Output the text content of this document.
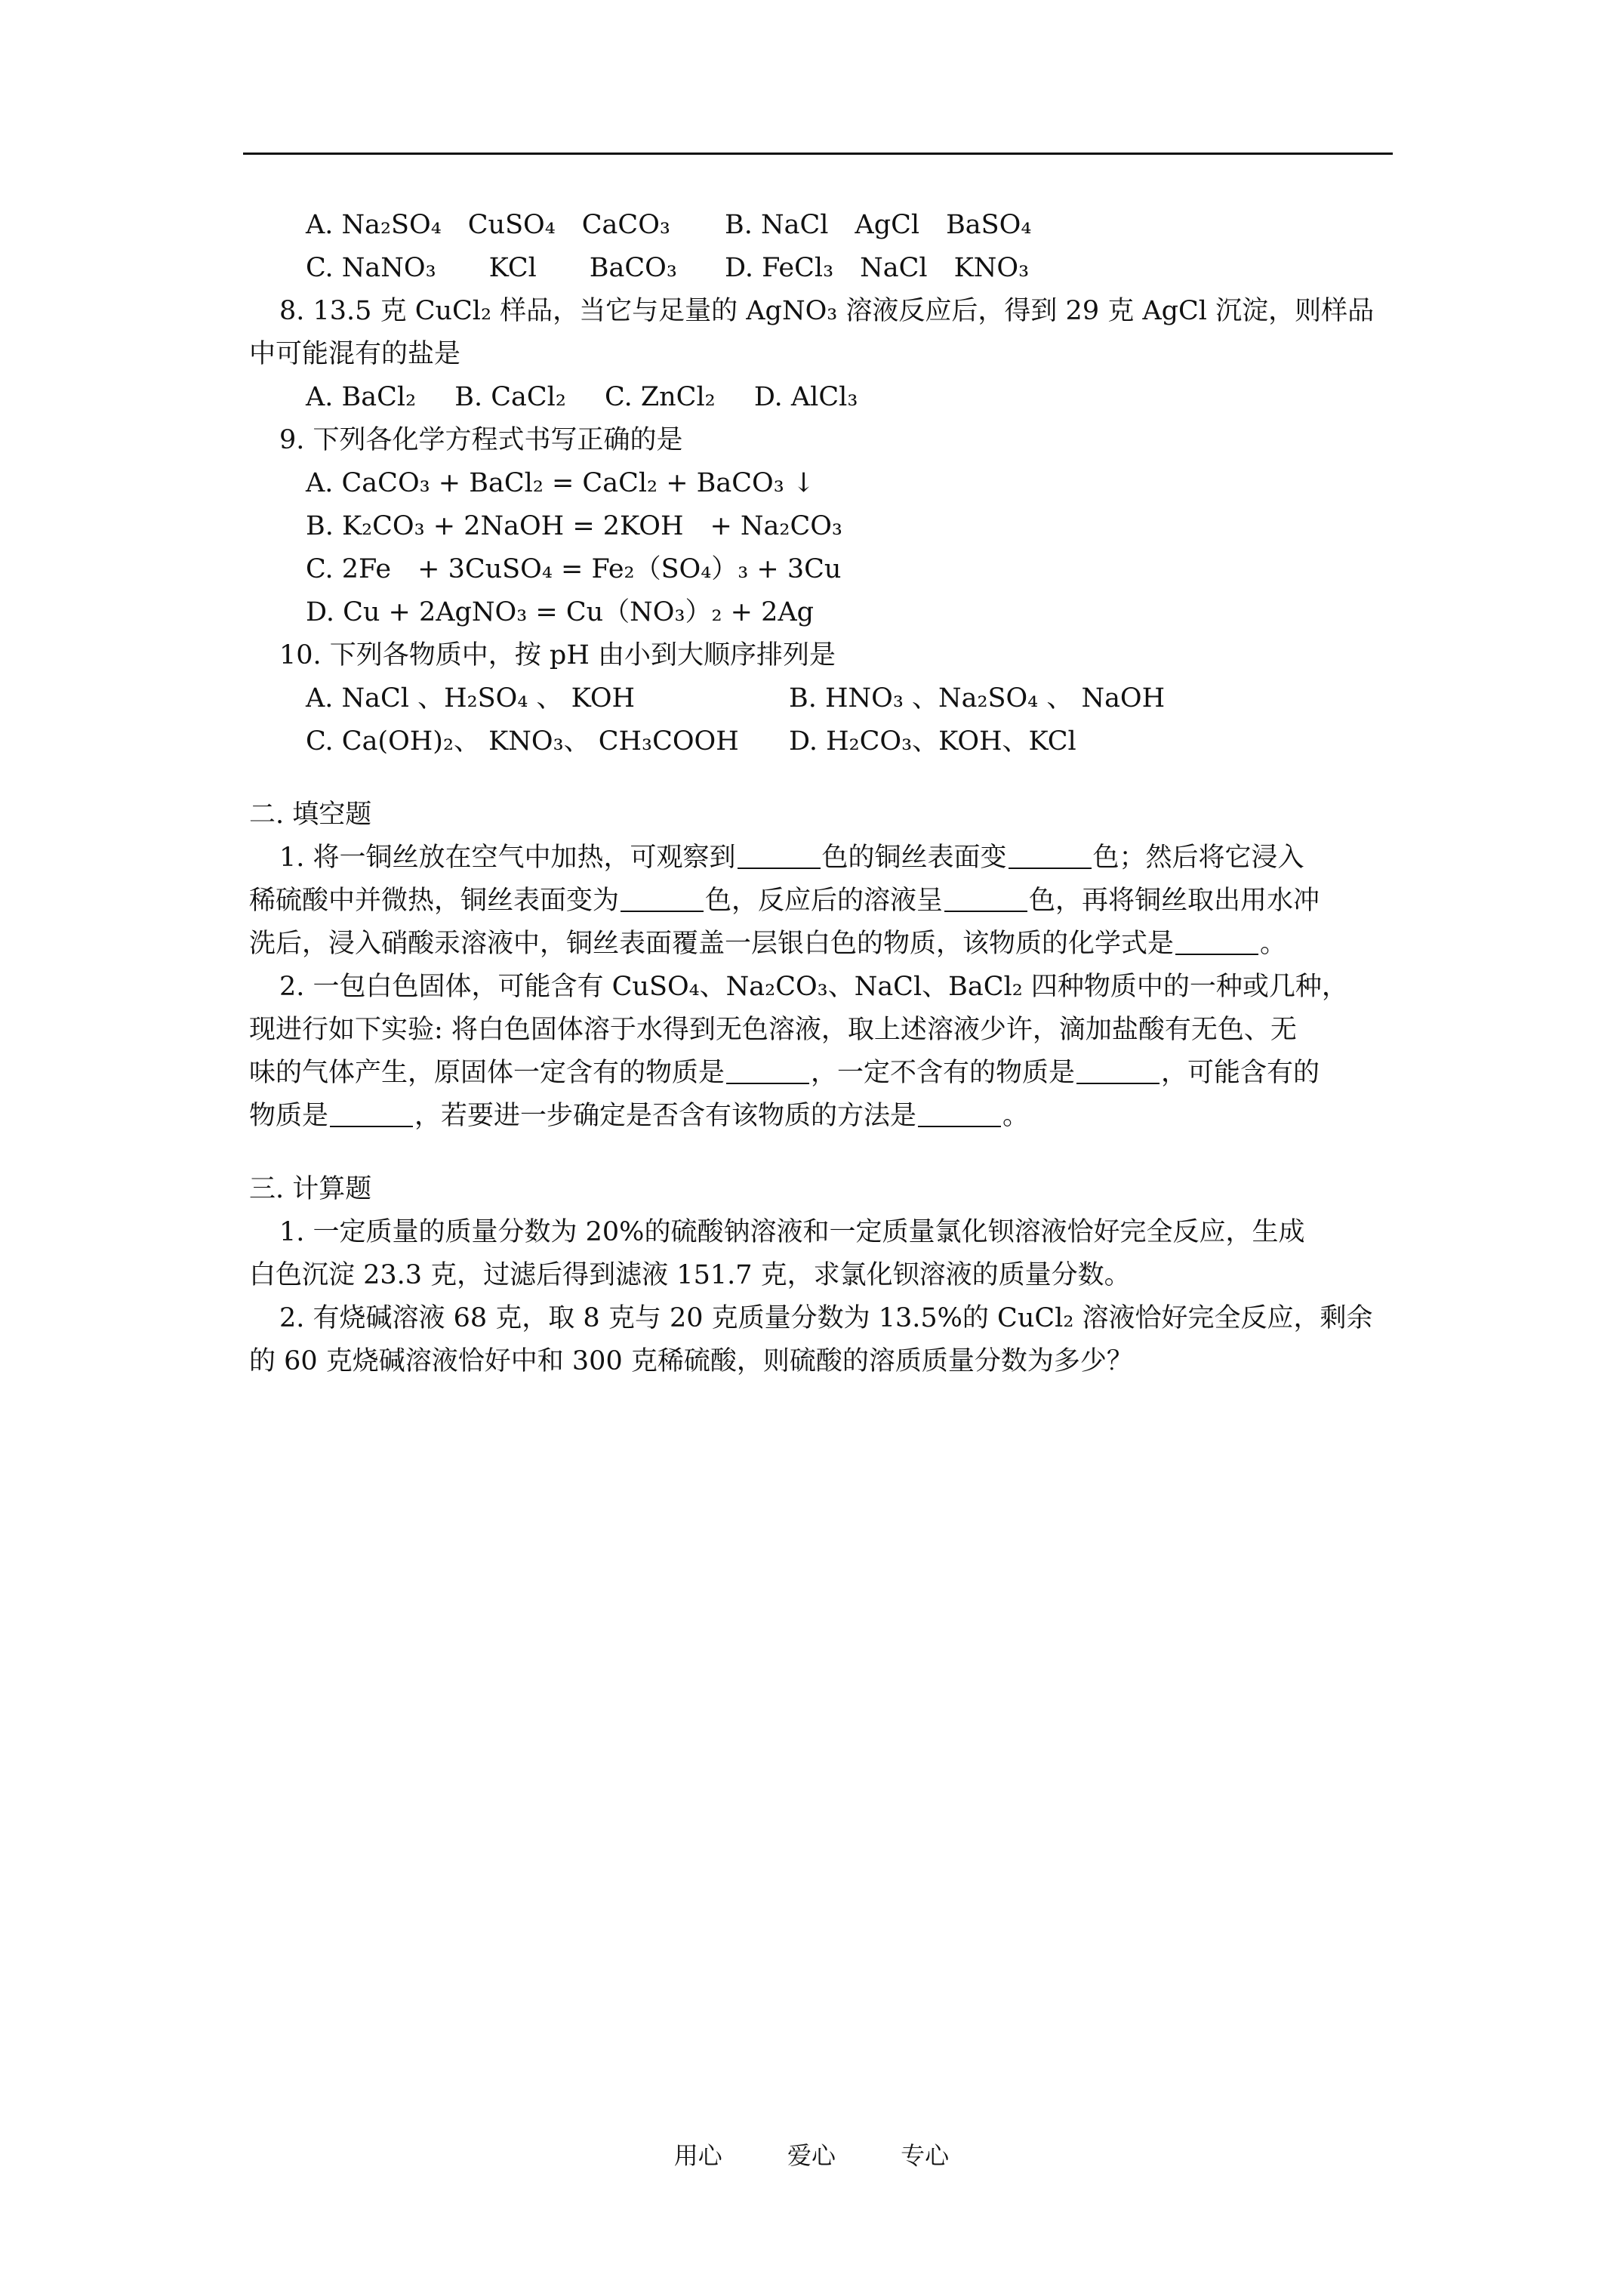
A. Na₂SO₄　CuSO₄　CaCO₃ B. NaCl　AgCl　BaSO₄
C. NaNO₃　　KCl　　BaCO₃ D. FeCl₃　NaCl　KNO₃
8. 13.5 克 CuCl₂ 样品，当它与足量的 AgNO₃ 溶液反应后，得到 29 克 AgCl 沉淀，则样品
中可能混有的盐是
A. BaCl₂ B. CaCl₂ C. ZnCl₂ D. AlCl₃
9. 下列各化学方程式书写正确的是
A. CaCO₃ + BaCl₂ = CaCl₂ + BaCO₃ ↓
B. K₂CO₃ + 2NaOH = 2KOH　+ Na₂CO₃
C. 2Fe　+ 3CuSO₄ = Fe₂（SO₄）₃ + 3Cu
D. Cu + 2AgNO₃ = Cu（NO₃）₂ + 2Ag
10. 下列各物质中，按 pH 由小到大顺序排列是
A. NaCl 、H₂SO₄ 、 KOH	B. HNO₃ 、Na₂SO₄ 、 NaOH
C. Ca(OH)₂、 KNO₃、 CH₃COOH D. H₂CO₃、KOH、KCl
二. 填空题
1. 将一铜丝放在空气中加热，可观察到	色的铜丝表面变	色；然后将它浸入
稀硫酸中并微热，铜丝表面变为	色，反应后的溶液呈	色，再将铜丝取出用水冲
洗后，浸入硝酸汞溶液中，铜丝表面覆盖一层银白色的物质，该物质的化学式是	。
2. 一包白色固体，可能含有 CuSO₄、Na₂CO₃、NaCl、BaCl₂ 四种物质中的一种或几种，
现进行如下实验: 将白色固体溶于水得到无色溶液，取上述溶液少许，滴加盐酸有无色、无
味的气体产生，原固体一定含有的物质是	，一定不含有的物质是	，可能含有的
物质是	，若要进一步确定是否含有该物质的方法是	。
三. 计算题
1. 一定质量的质量分数为 20%的硫酸钠溶液和一定质量氯化钡溶液恰好完全反应，生成
白色沉淀 23.3 克，过滤后得到滤液 151.7 克，求氯化钡溶液的质量分数。
2. 有烧碱溶液 68 克，取 8 克与 20 克质量分数为 13.5%的 CuCl₂ 溶液恰好完全反应，剩余
的 60 克烧碱溶液恰好中和 300 克稀硫酸，则硫酸的溶质质量分数为多少？
用心	爱心	专心
